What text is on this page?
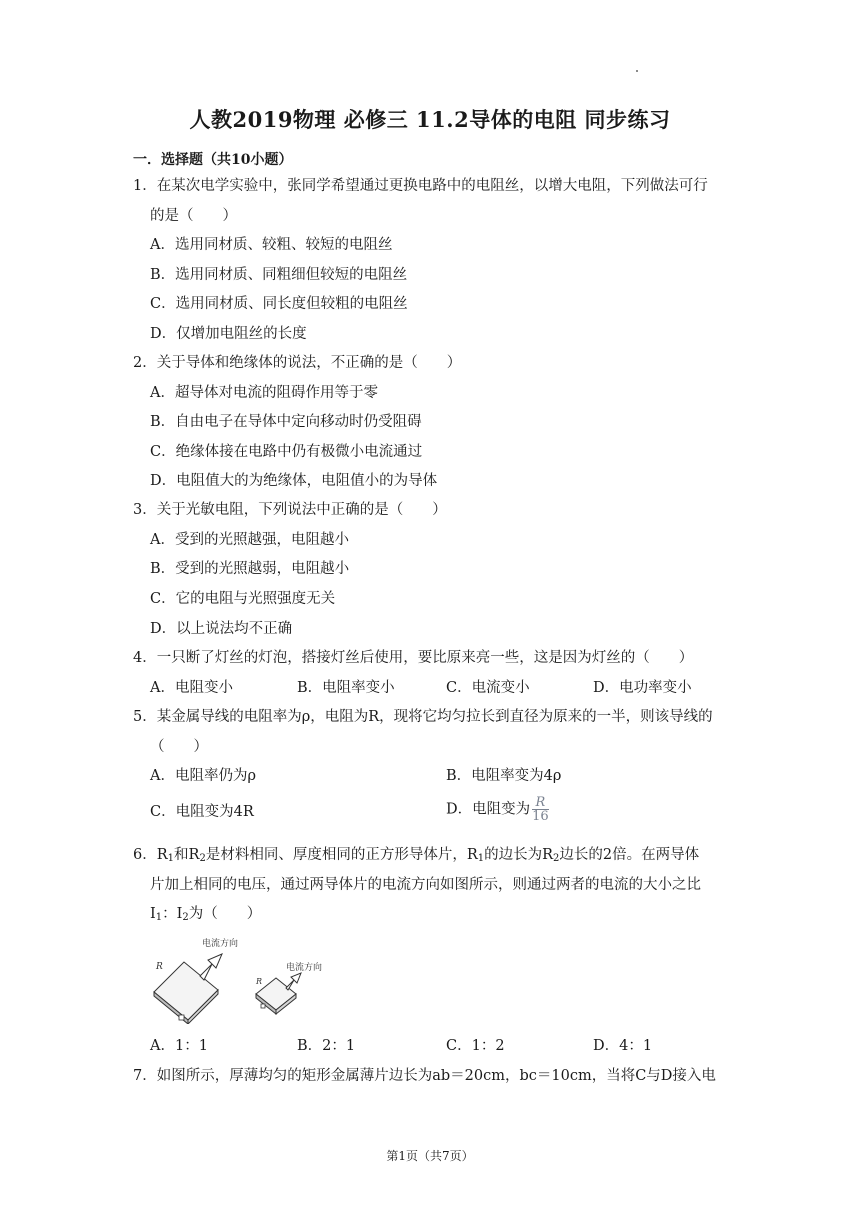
人教2019物理 必修三 11.2导体的电阻 同步练习
一．选择题（共10小题）
1．在某次电学实验中，张同学希望通过更换电路中的电阻丝，以增大电阻，下列做法可行
的是（　　）
A．选用同材质、较粗、较短的电阻丝
B．选用同材质、同粗细但较短的电阻丝
C．选用同材质、同长度但较粗的电阻丝
D．仅增加电阻丝的长度
2．关于导体和绝缘体的说法，不正确的是（　　）
A．超导体对电流的阻碍作用等于零
B．自由电子在导体中定向移动时仍受阻碍
C．绝缘体接在电路中仍有极微小电流通过
D．电阻值大的为绝缘体，电阻值小的为导体
3．关于光敏电阻，下列说法中正确的是（　　）
A．受到的光照越强，电阻越小
B．受到的光照越弱，电阻越小
C．它的电阻与光照强度无关
D．以上说法均不正确
4．一只断了灯丝的灯泡，搭接灯丝后使用，要比原来亮一些，这是因为灯丝的（　　）
A．电阻变小	B．电阻率变小	C．电流变小	D．电功率变小
5．某金属导线的电阻率为ρ，电阻为R，现将它均匀拉长到直径为原来的一半，则该导线的
（　　）
A．电阻率仍为ρ	B．电阻率变为4ρ
C．电阻变为4R	D．电阻变为 $\frac{R}{16}$
6．$R_1$和$R_2$是材料相同、厚度相同的正方形导体片，$R_1$的边长为$R_2$边长的2倍。在两导体
片加上相同的电压，通过两导体片的电流方向如图所示，则通过两者的电流的大小之比
$I_1$：$I_2$为（　　）
R
电流方向
R
电流方向
A．1：1	B．2：1	C．1：2	D．4：1
7．如图所示，厚薄均匀的矩形金属薄片边长为ab＝20cm，bc＝10cm，当将C与D接入电
第1页（共7页）
